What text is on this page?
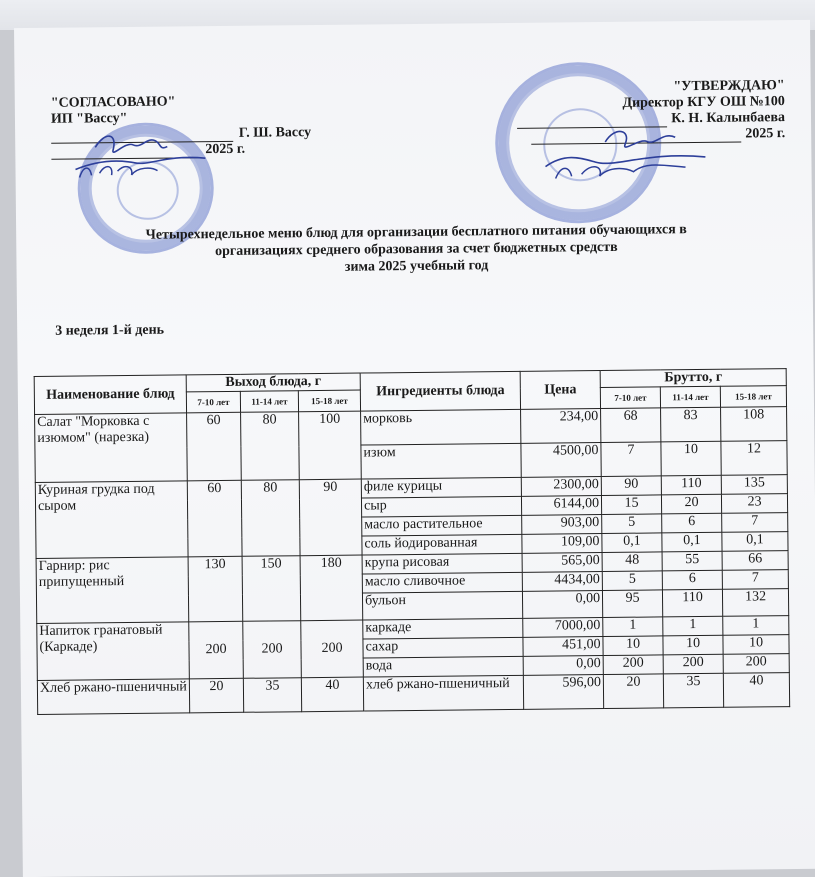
"СОГЛАСОВАНО"
ИП "Вассу"
Г. Ш. Вассу
2025 г.
"УТВЕРЖДАЮ"
Директор КГУ ОШ №100
К. Н. Калынбаева
2025 г.
Четырехнедельное меню блюд для организации бесплатного питания обучающихся в
организациях среднего образования за счет бюджетных средств
зима 2025 учебный год
3 неделя 1-й день
Наименование блюд	Выход блюда, г			Ингредиенты блюда	Цена	Брутто, г		
	7-10 лет	11-14 лет	15-18 лет			7-10 лет	11-14 лет	15-18 лет
Салат "Морковка с изюмом" (нарезка)	60	80	100	морковь	234,00	68	83	108
				изюм	4500,00	7	10	12
Куриная грудка под сыром	60	80	90	филе курицы	2300,00	90	110	135
				сыр	6144,00	15	20	23
				масло растительное	903,00	5	6	7
				соль йодированная	109,00	0,1	0,1	0,1
Гарнир: рис припущенный	130	150	180	крупа рисовая	565,00	48	55	66
				масло сливочное	4434,00	5	6	7
				бульон	0,00	95	110	132
Напиток гранатовый (Каркаде)	200	200	200	каркаде	7000,00	1	1	1
				сахар	451,00	10	10	10
				вода	0,00	200	200	200
Хлеб ржано-пшеничный	20	35	40	хлеб ржано-пшеничный	596,00	20	35	40
